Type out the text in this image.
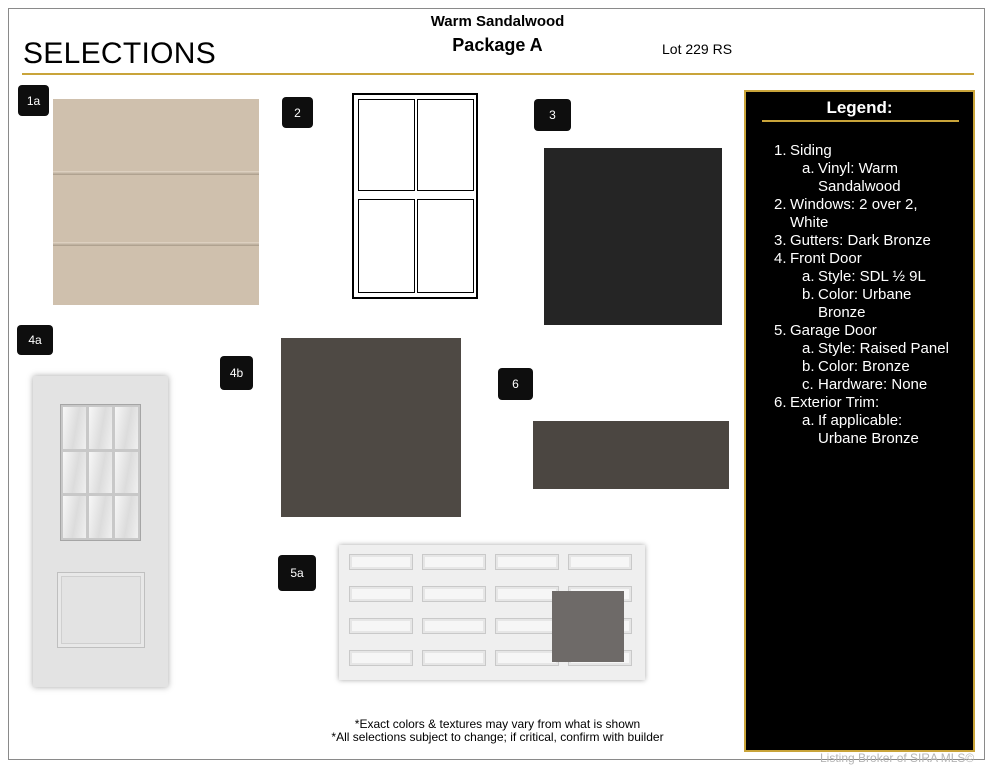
Warm Sandalwood
Package A
SELECTIONS	Lot 229 RS
1a
2	3
4a
4b
6
5a
Legend:
1. Siding
a. Vinyl: Warm
Sandalwood
2. Windows: 2 over 2,
White
3. Gutters: Dark Bronze
4. Front Door
a. Style: SDL ½ 9L
b. Color: Urbane
Bronze
5. Garage Door
a. Style: Raised Panel
b. Color: Bronze
c. Hardware: None
6. Exterior Trim:
a. If applicable:
Urbane Bronze
*Exact colors & textures may vary from what is shown
*All selections subject to change; if critical, confirm with builder
Listing Broker of SIRA MLS©
